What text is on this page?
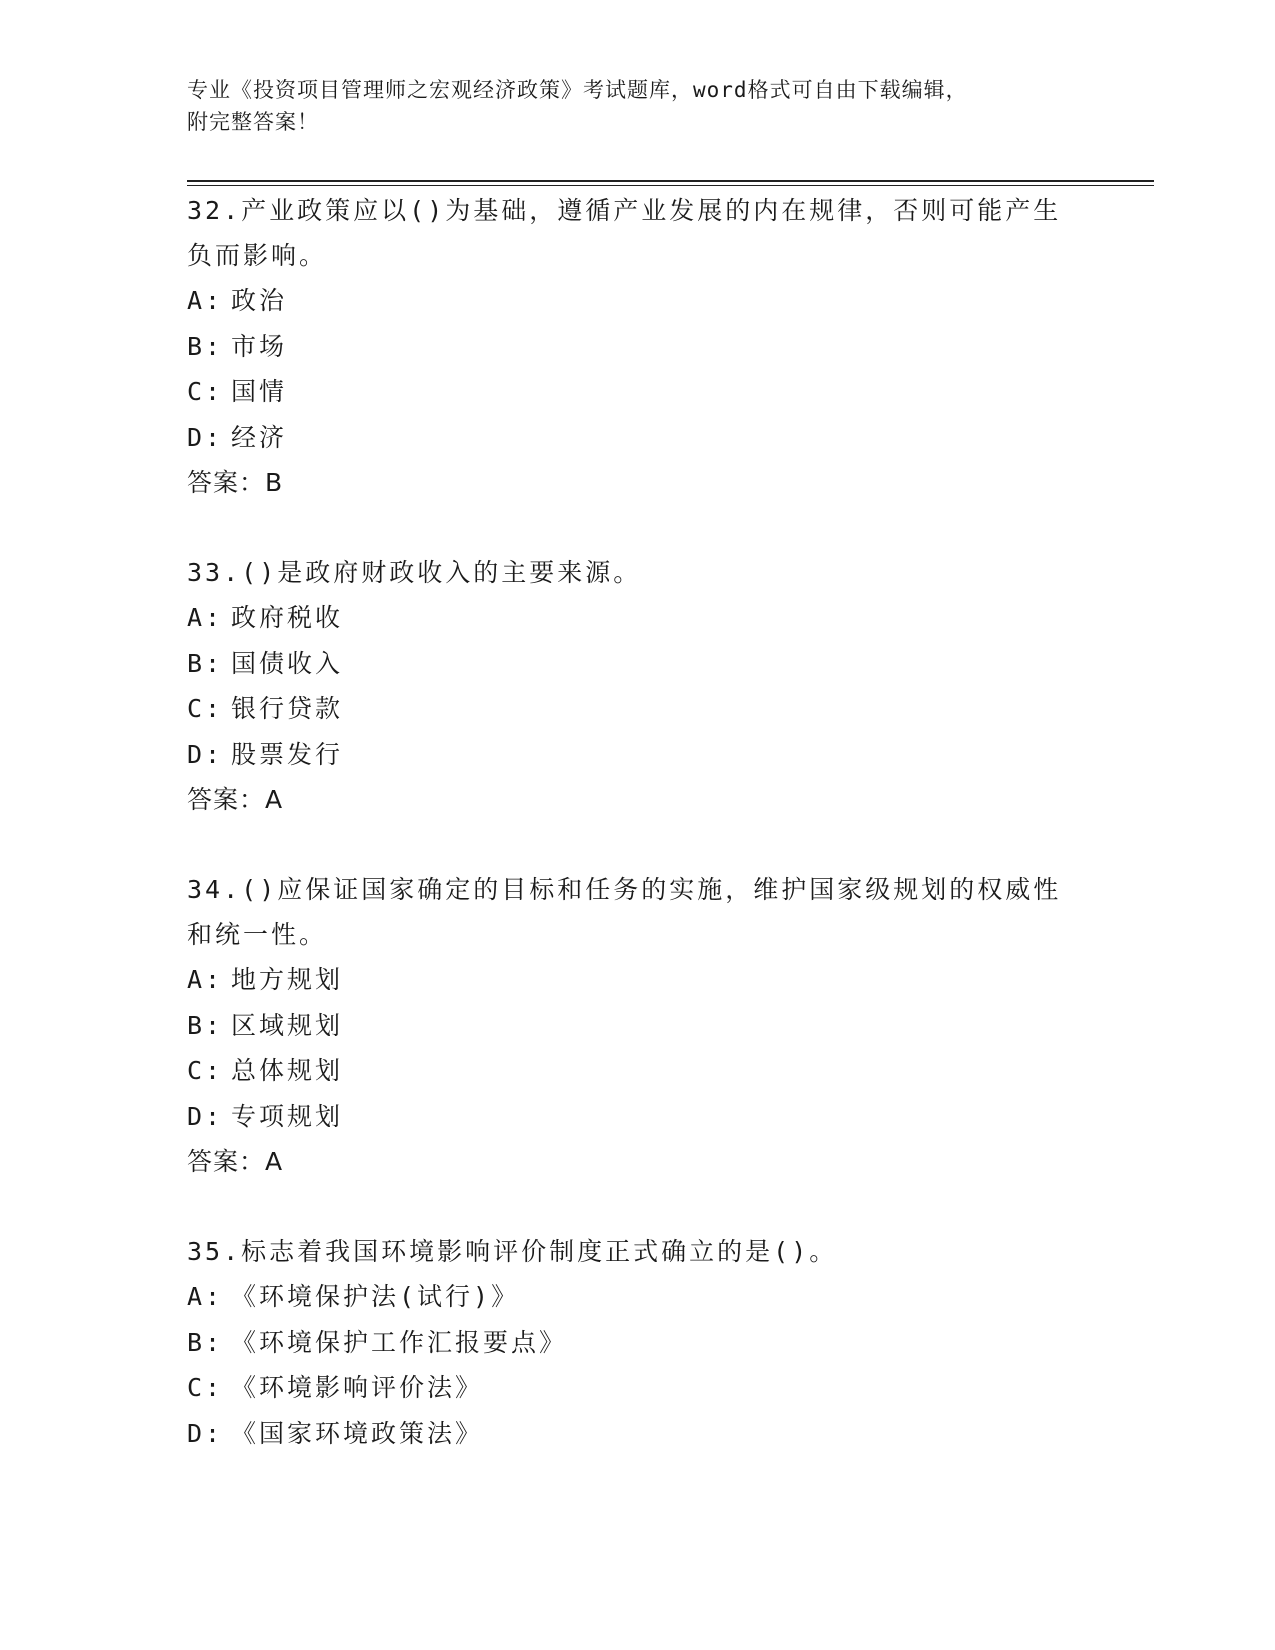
专业《投资项目管理师之宏观经济政策》考试题库，word格式可自由下载编辑，
附完整答案！
32.产业政策应以()为基础，遵循产业发展的内在规律，否则可能产生负而影响。
A: 政治
B: 市场
C: 国情
D: 经济
答案：B
33.()是政府财政收入的主要来源。
A: 政府税收
B: 国债收入
C: 银行贷款
D: 股票发行
答案：A
34.()应保证国家确定的目标和任务的实施，维护国家级规划的权威性和统一性。
A: 地方规划
B: 区域规划
C: 总体规划
D: 专项规划
答案：A
35.标志着我国环境影响评价制度正式确立的是()。
A: 《环境保护法(试行)》
B: 《环境保护工作汇报要点》
C: 《环境影响评价法》
D: 《国家环境政策法》
